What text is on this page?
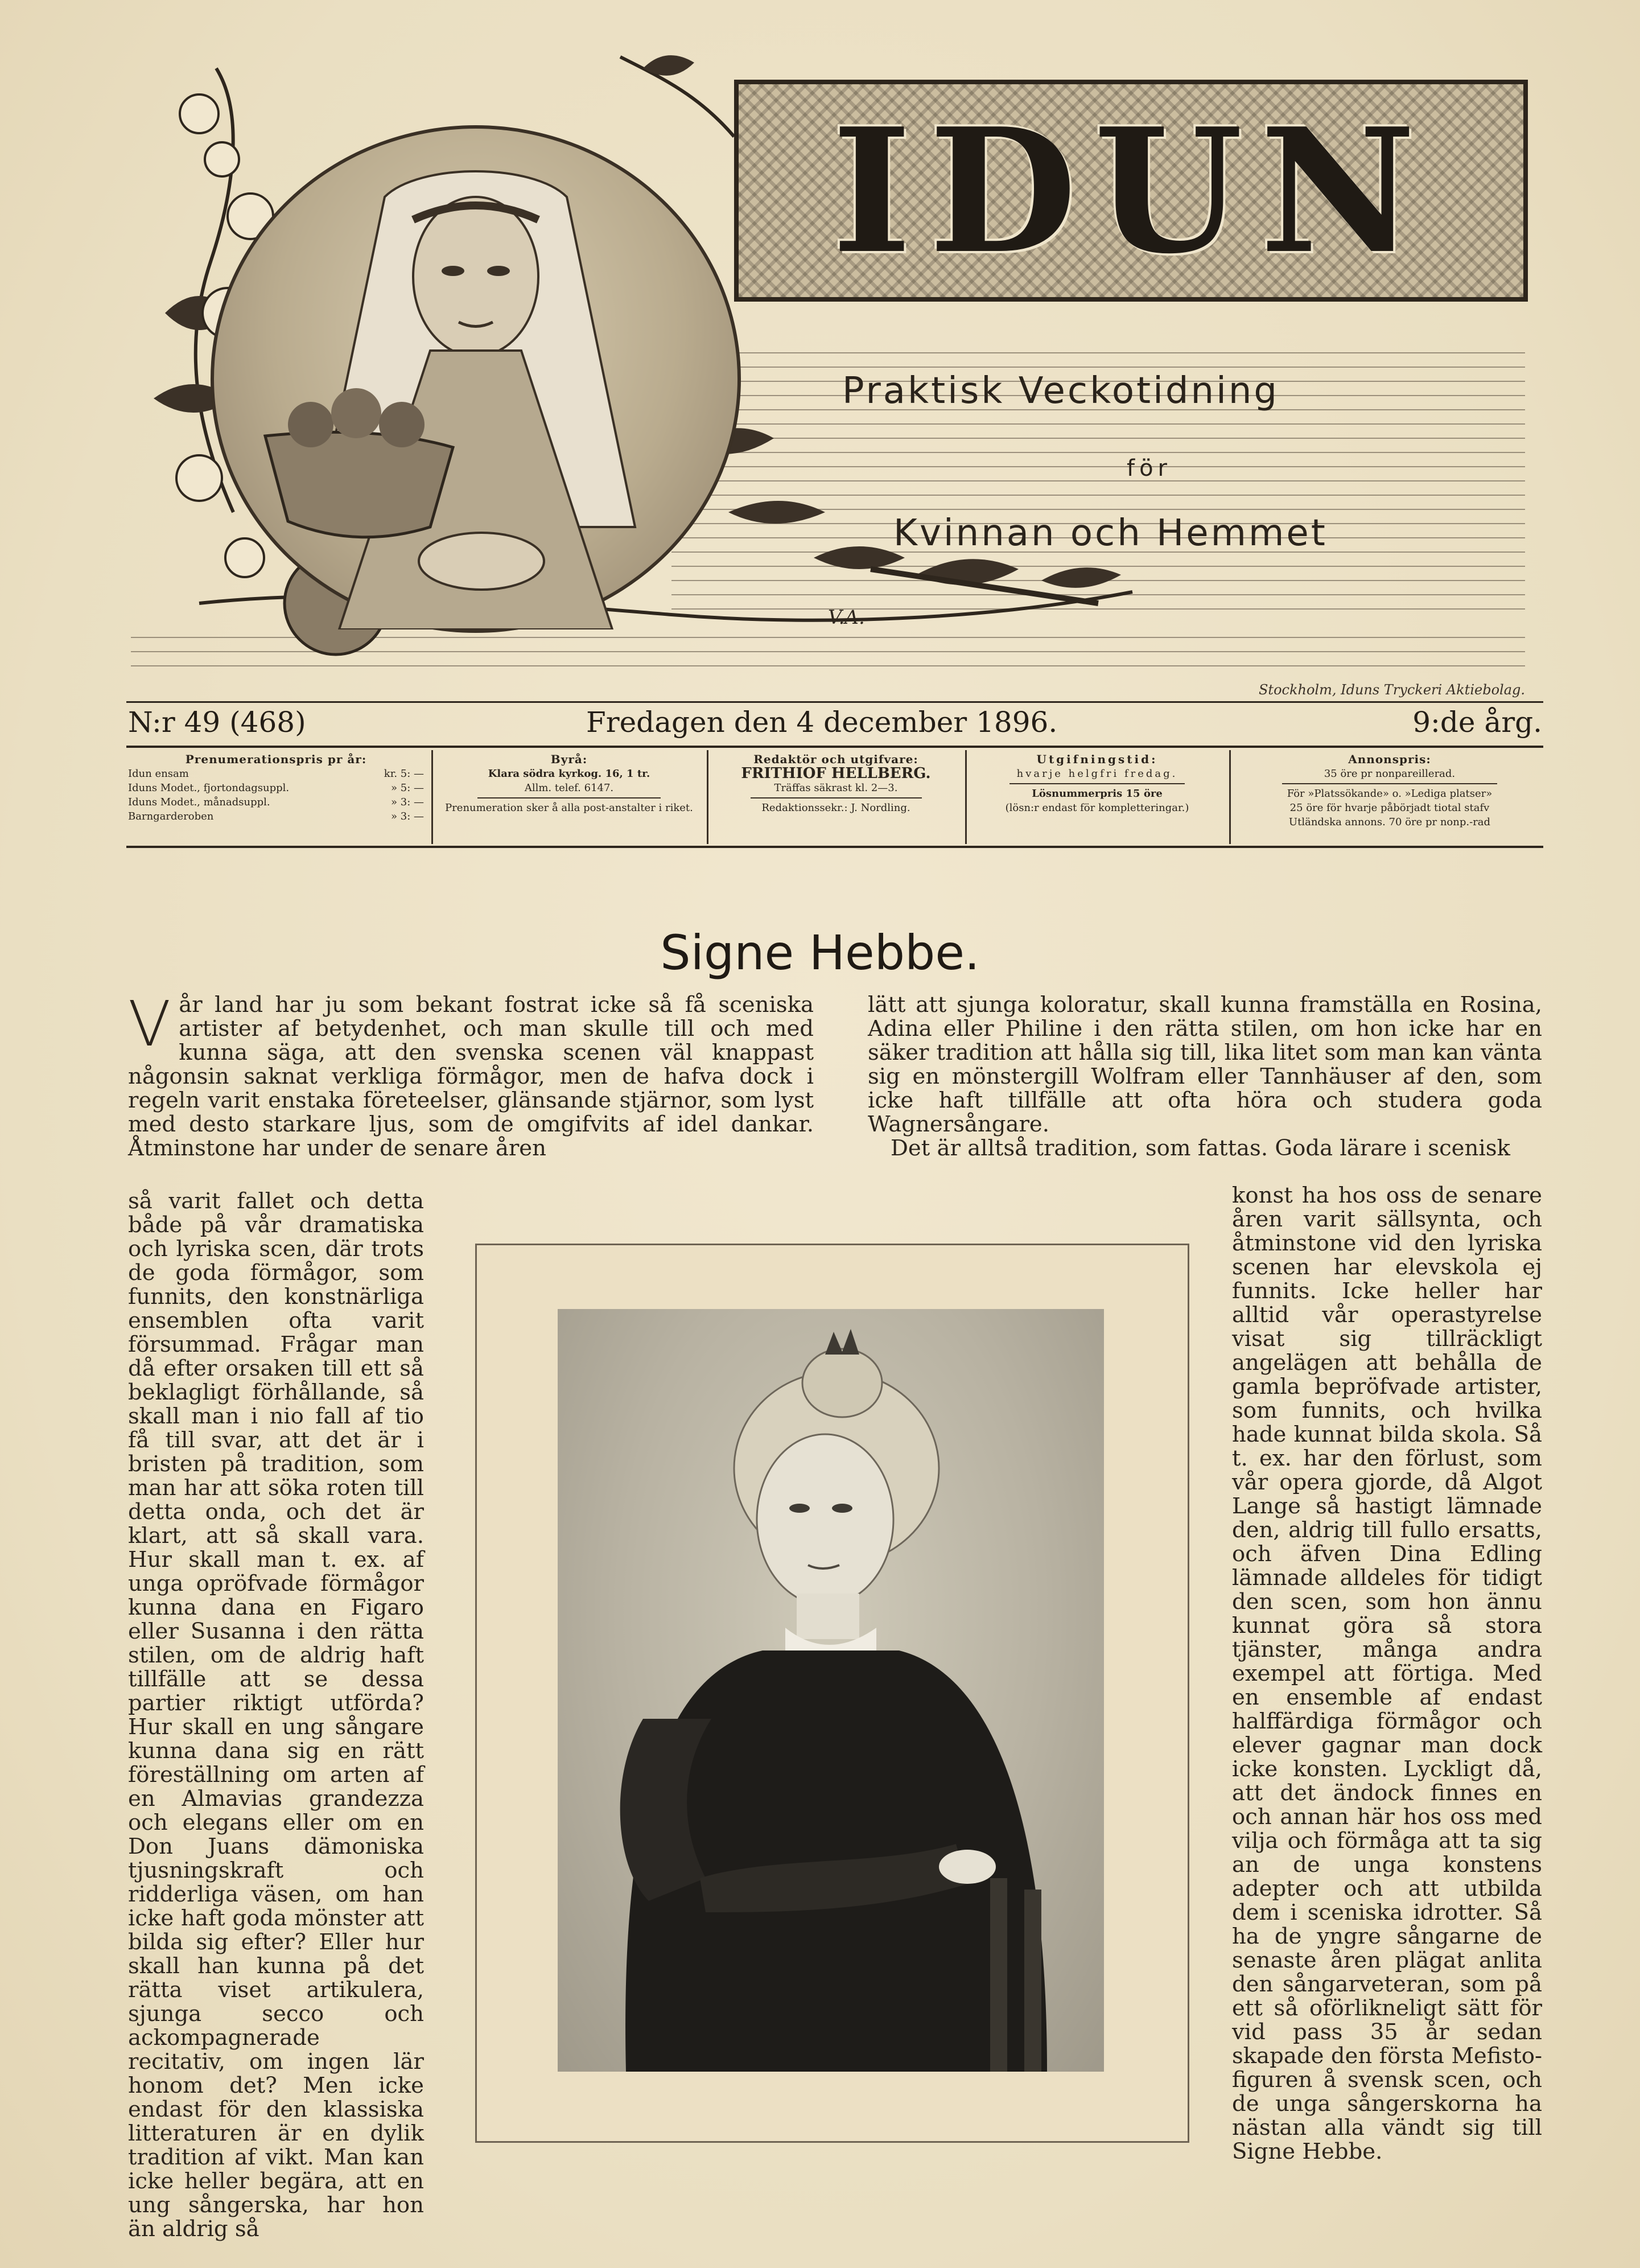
IDUN
Praktisk Veckotidning
för
Kvinnan och Hemmet
V.A.
Stockholm, Iduns Tryckeri Aktiebolag.
N:r 49 (468)	Fredagen den 4 december 1896.	9:de årg.
Prenumerationspris pr år:
Idun ensam	kr. 5: —
Iduns Modet., fjortondagsuppl.	» 5: —
Iduns Modet., månadsuppl.	» 3: —
Barngarderoben	» 3: —
Byrå:
Klara södra kyrkog. 16, 1 tr.
Allm. telef. 6147.
Prenumeration sker å alla post-anstalter i riket.
Redaktör och utgifvare:
FRITHIOF HELLBERG.
Träffas säkrast kl. 2—3.
Redaktionssekr.: J. Nordling.
Utgifningstid:
hvarje helgfri fredag.
Lösnummerpris 15 öre
(lösn:r endast för kompletteringar.)
Annonspris:
35 öre pr nonpareillerad.
För »Platssökande» o. »Lediga platser»
25 öre för hvarje påbörjadt tiotal stafv
Utländska annons. 70 öre pr nonp.-rad
Signe Hebbe.

Vår land har ju som bekant fostrat icke så få sceniska artister af betydenhet, och man skulle till och med kunna säga, att den svenska scenen väl knappast någonsin saknat verkliga förmågor, men de hafva dock i regeln varit enstaka företeelser, glänsande stjärnor, som lyst med desto starkare ljus, som de omgifvits af idel dankar. Åtminstone har under de senare åren

så varit fallet och detta både på vår dramatiska och lyriska scen, där trots de goda förmågor, som funnits, den konstnärliga ensemblen ofta varit försummad. Frågar man då efter orsaken till ett så beklagligt förhållande, så skall man i nio fall af tio få till svar, att det är i bristen på tradition, som man har att söka roten till detta onda, och det är klart, att så skall vara. Hur skall man t. ex. af unga opröfvade förmågor kunna dana en Figaro eller Susanna i den rätta stilen, om de aldrig haft tillfälle att se dessa partier riktigt utförda? Hur skall en ung sångare kunna dana sig en rätt föreställning om arten af en Almavias grandezza och elegans eller om en Don Juans dämoniska tjusningskraft och ridderliga väsen, om han icke haft goda mönster att bilda sig efter? Eller hur skall han kunna på det rätta viset artikulera, sjunga secco och ackompagnerade recitativ, om ingen lär honom det? Men icke endast för den klassiska litteraturen är en dylik tradition af vikt. Man kan icke heller begära, att en ung sångerska, har hon än aldrig så

lätt att sjunga koloratur, skall kunna framställa en Rosina, Adina eller Philine i den rätta stilen, om hon icke har en säker tradition att hålla sig till, lika litet som man kan vänta sig en mönstergill Wolfram eller Tannhäuser af den, som icke haft tillfälle att ofta höra och studera goda Wagnersångare.

Det är alltså tradition, som fattas. Goda lärare i scenisk

konst ha hos oss de senare åren varit sällsynta, och åtminstone vid den lyriska scenen har elevskola ej funnits. Icke heller har alltid vår operastyrelse visat sig tillräckligt angelägen att behålla de gamla bepröfvade artister, som funnits, och hvilka hade kunnat bilda skola. Så t. ex. har den förlust, som vår opera gjorde, då Algot Lange så hastigt lämnade den, aldrig till fullo ersatts, och äfven Dina Edling lämnade alldeles för tidigt den scen, som hon ännu kunnat göra så stora tjänster, många andra exempel att förtiga. Med en ensemble af endast halffärdiga förmågor och elever gagnar man dock icke konsten. Lyckligt då, att det ändock finnes en och annan här hos oss med vilja och förmåga att ta sig an de unga konstens adepter och att utbilda dem i sceniska idrotter. Så ha de yngre sångarne de senaste åren plägat anlita den sångarveteran, som på ett så oförlikneligt sätt för vid pass 35 år sedan skapade den första Mefisto-figuren å svensk scen, och de unga sångerskorna ha nästan alla vändt sig till Signe Hebbe.
